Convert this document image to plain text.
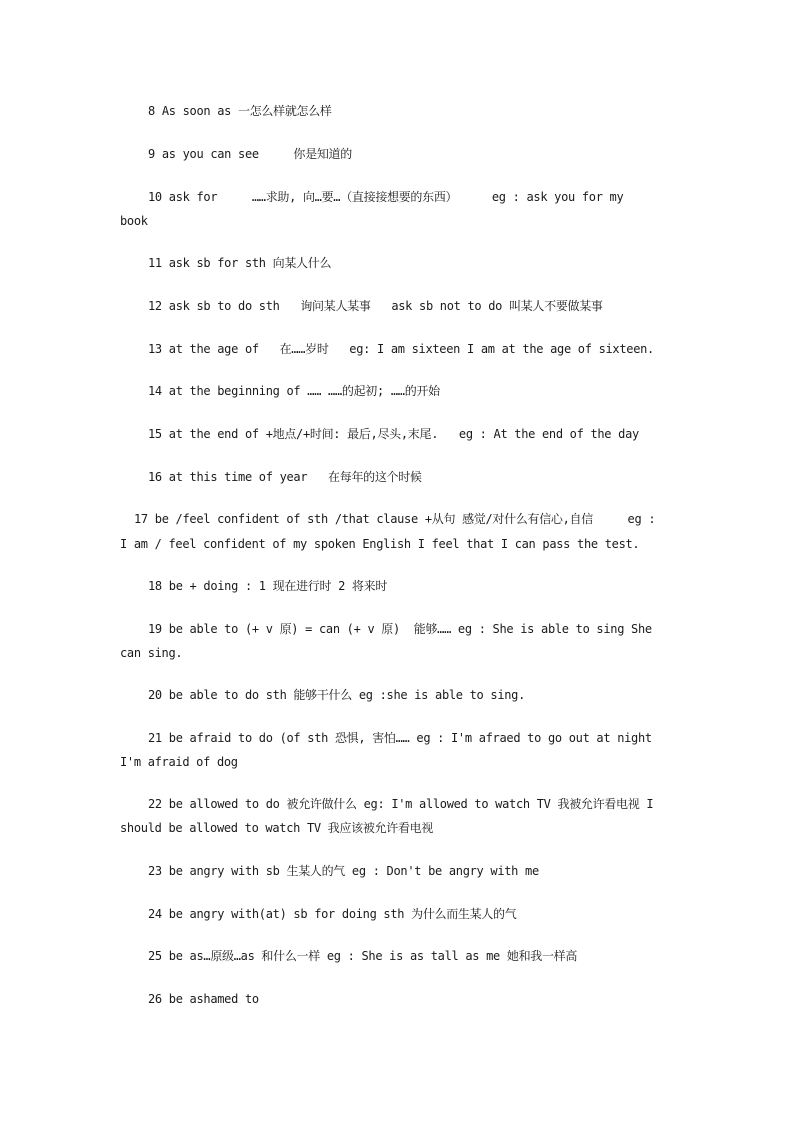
8 As soon as 一怎么样就怎么样
9 as you can see     你是知道的
10 ask for     ……求助, 向…要…（直接接想要的东西）     eg : ask you for my
book
11 ask sb for sth 向某人什么
12 ask sb to do sth   询问某人某事   ask sb not to do 叫某人不要做某事
13 at the age of   在……岁时   eg: I am sixteen I am at the age of sixteen.
14 at the beginning of …… ……的起初; ……的开始
15 at the end of +地点/+时间: 最后,尽头,末尾.   eg : At the end of the day
16 at this time of year   在每年的这个时候
17 be /feel confident of sth /that clause +从句 感觉/对什么有信心,自信     eg :
I am / feel confident of my spoken English I feel that I can pass the test.
18 be + doing : 1 现在进行时 2 将来时
19 be able to (+ v 原) = can (+ v 原)  能够…… eg : She is able to sing She
can sing.
20 be able to do sth 能够干什么 eg :she is able to sing.
21 be afraid to do (of sth 恐惧, 害怕…… eg : I'm afraed to go out at night
I'm afraid of dog
22 be allowed to do 被允许做什么 eg: I'm allowed to watch TV 我被允许看电视 I
should be allowed to watch TV 我应该被允许看电视
23 be angry with sb 生某人的气 eg : Don't be angry with me
24 be angry with(at) sb for doing sth 为什么而生某人的气
25 be as…原级…as 和什么一样 eg : She is as tall as me 她和我一样高
26 be ashamed to
